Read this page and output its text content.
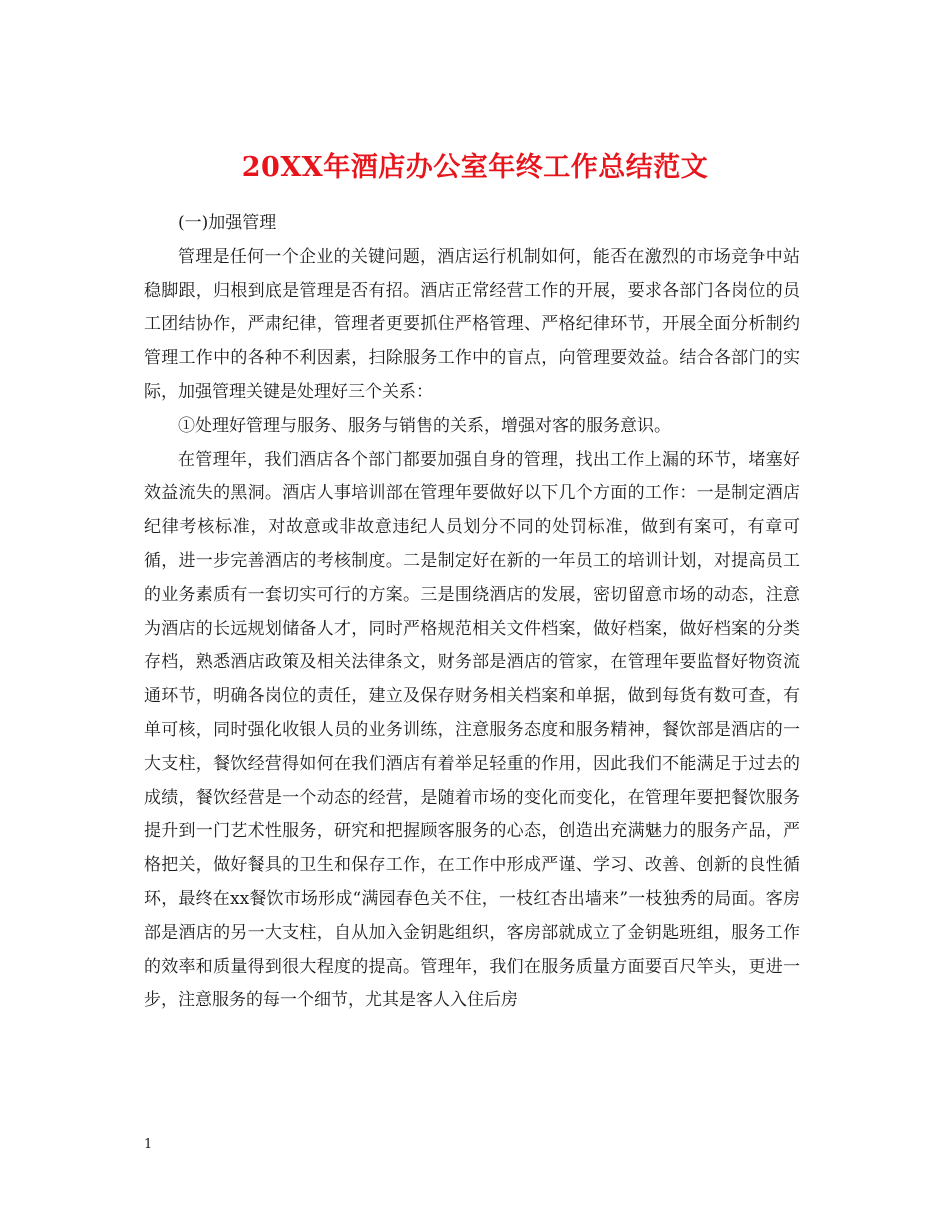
20XX年酒店办公室年终工作总结范文

(一)加强管理

管理是任何一个企业的关键问题，酒店运行机制如何，能否在激烈的市场竞争中站稳脚跟，归根到底是管理是否有招。酒店正常经营工作的开展，要求各部门各岗位的员工团结协作，严肃纪律，管理者更要抓住严格管理、严格纪律环节，开展全面分析制约管理工作中的各种不利因素，扫除服务工作中的盲点，向管理要效益。结合各部门的实际，加强管理关键是处理好三个关系：

①处理好管理与服务、服务与销售的关系，增强对客的服务意识。

在管理年，我们酒店各个部门都要加强自身的管理，找出工作上漏的环节，堵塞好效益流失的黑洞。酒店人事培训部在管理年要做好以下几个方面的工作：一是制定酒店纪律考核标准，对故意或非故意违纪人员划分不同的处罚标准，做到有案可，有章可循，进一步完善酒店的考核制度。二是制定好在新的一年员工的培训计划，对提高员工的业务素质有一套切实可行的方案。三是围绕酒店的发展，密切留意市场的动态，注意为酒店的长远规划储备人才，同时严格规范相关文件档案，做好档案，做好档案的分类存档，熟悉酒店政策及相关法律条文，财务部是酒店的管家，在管理年要监督好物资流通环节，明确各岗位的责任，建立及保存财务相关档案和单据，做到每货有数可查，有单可核，同时强化收银人员的业务训练，注意服务态度和服务精神，餐饮部是酒店的一大支柱，餐饮经营得如何在我们酒店有着举足轻重的作用，因此我们不能满足于过去的成绩，餐饮经营是一个动态的经营，是随着市场的变化而变化，在管理年要把餐饮服务提升到一门艺术性服务，研究和把握顾客服务的心态，创造出充满魅力的服务产品，严格把关，做好餐具的卫生和保存工作，在工作中形成严谨、学习、改善、创新的良性循环，最终在xx餐饮市场形成“满园春色关不住，一枝红杏出墙来”一枝独秀的局面。客房部是酒店的另一大支柱，自从加入金钥匙组织，客房部就成立了金钥匙班组，服务工作的效率和质量得到很大程度的提高。管理年，我们在服务质量方面要百尺竿头，更进一步，注意服务的每一个细节，尤其是客人入住后房

1
